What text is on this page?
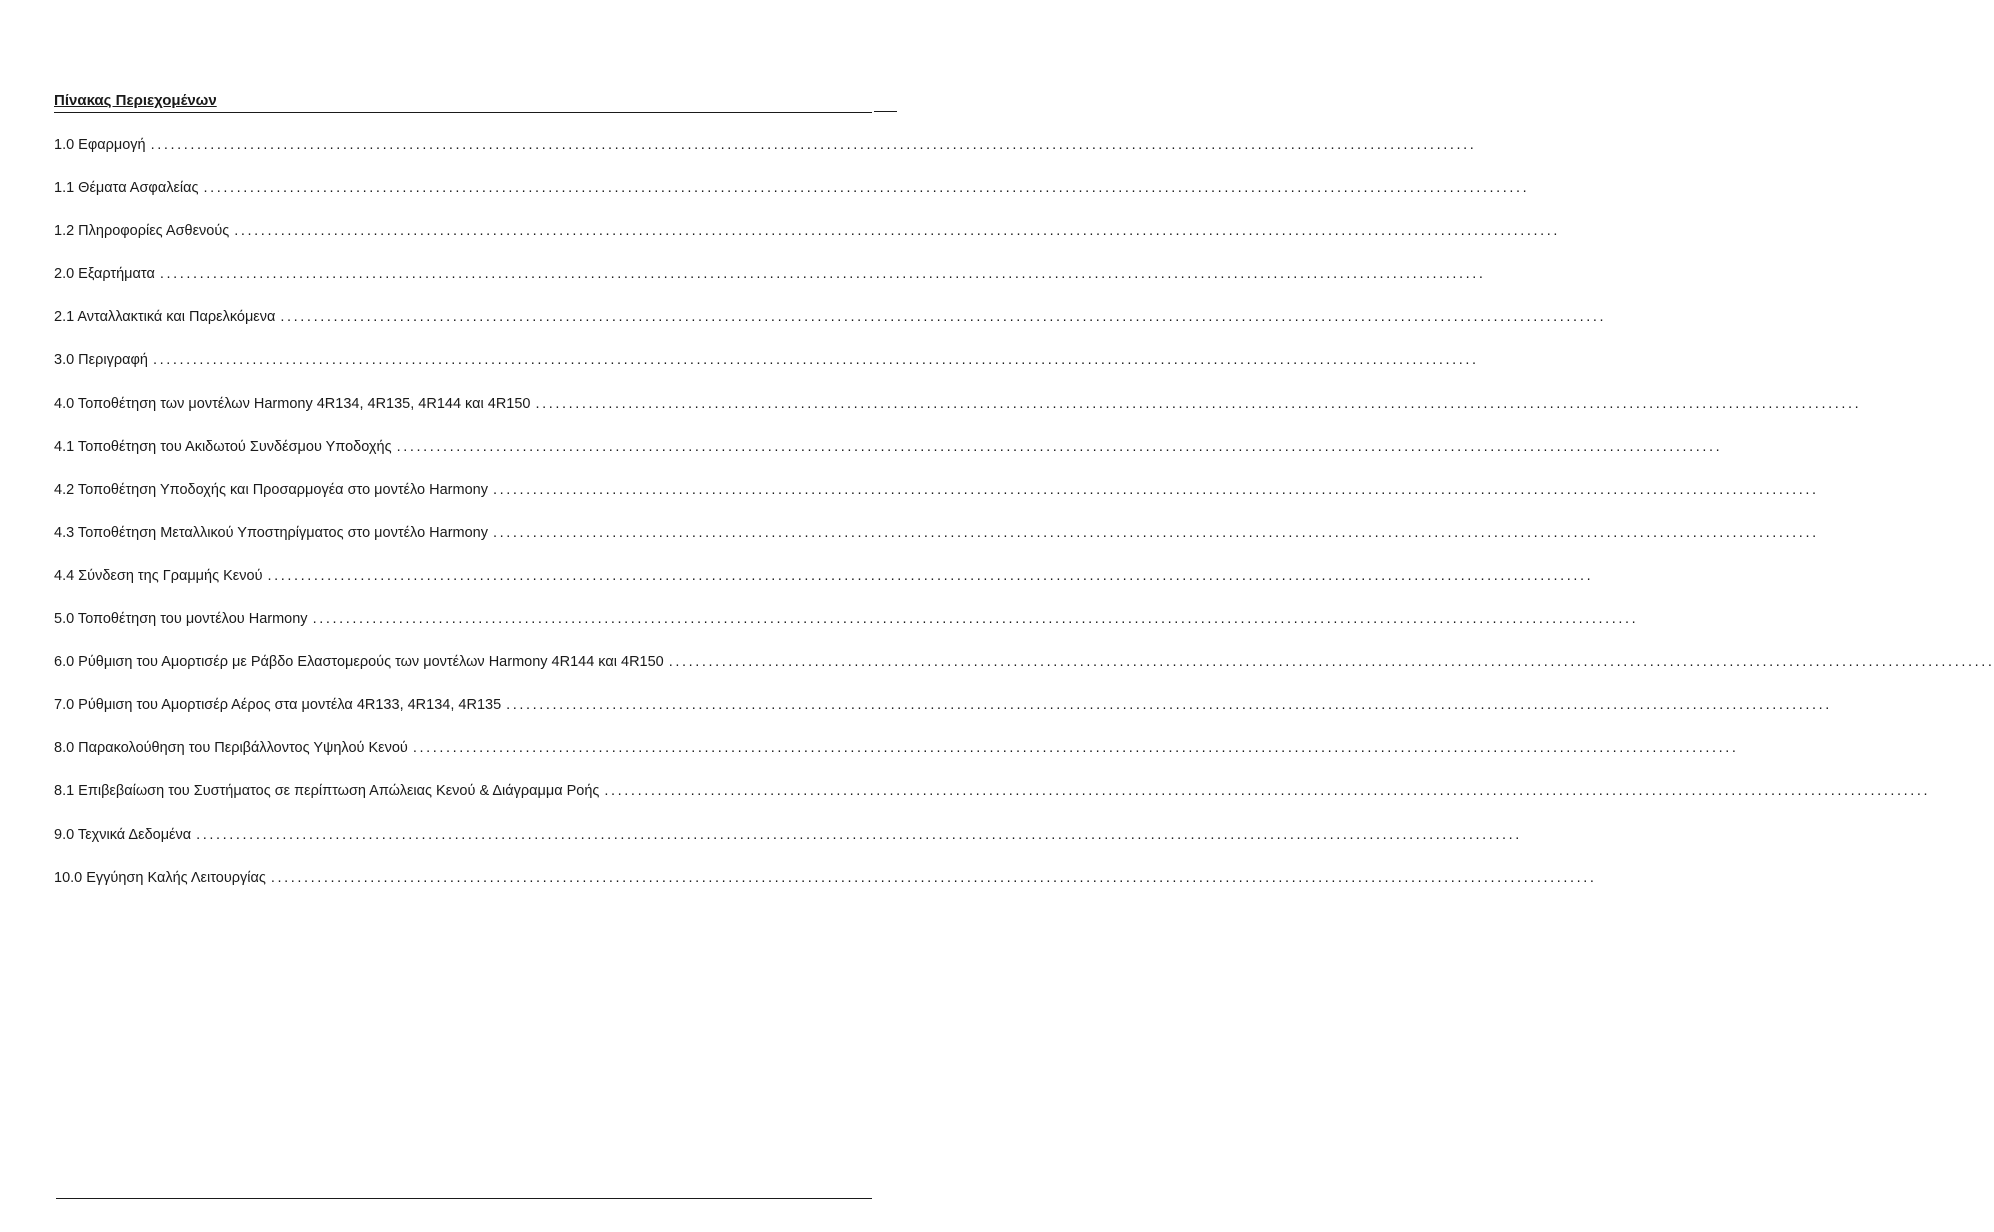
Πίνακας Περιεχομένων
1.0 Εφαρμογή ........................................................................................................................................................................................................
1.1 Θέματα Ασφαλείας ........................................................................................................................................................................................................
1.2 Πληροφορίες Ασθενούς ........................................................................................................................................................................................................
2.0 Εξαρτήματα ........................................................................................................................................................................................................
2.1 Ανταλλακτικά και Παρελκόμενα ........................................................................................................................................................................................................
3.0 Περιγραφή ........................................................................................................................................................................................................
4.0 Τοποθέτηση των μοντέλων Harmony 4R134, 4R135, 4R144 και 4R150 ........................................................................................................................................................................................................
4.1 Τοποθέτηση του Ακιδωτού Συνδέσμου Υποδοχής ........................................................................................................................................................................................................
4.2 Τοποθέτηση Υποδοχής και Προσαρμογέα στο μοντέλο Harmony ........................................................................................................................................................................................................
4.3 Τοποθέτηση Μεταλλικού Υποστηρίγματος στο μοντέλο Harmony ........................................................................................................................................................................................................
4.4 Σύνδεση της Γραμμής Κενού ........................................................................................................................................................................................................
5.0 Τοποθέτηση του μοντέλου Harmony ........................................................................................................................................................................................................
6.0 Ρύθμιση του Αμορτισέρ με Ράβδο Ελαστομερούς των μοντέλων Harmony 4R144 και 4R150 ........................................................................................................................................................................................................
7.0 Ρύθμιση του Αμορτισέρ Αέρος στα μοντέλα 4R133, 4R134, 4R135 ........................................................................................................................................................................................................
8.0 Παρακολούθηση του Περιβάλλοντος Υψηλού Κενού ........................................................................................................................................................................................................
8.1 Επιβεβαίωση του Συστήματος σε περίπτωση Απώλειας Κενού & Διάγραμμα Ροής ........................................................................................................................................................................................................
9.0 Τεχνικά Δεδομένα ........................................................................................................................................................................................................
10.0 Εγγύηση Καλής Λειτουργίας ........................................................................................................................................................................................................
